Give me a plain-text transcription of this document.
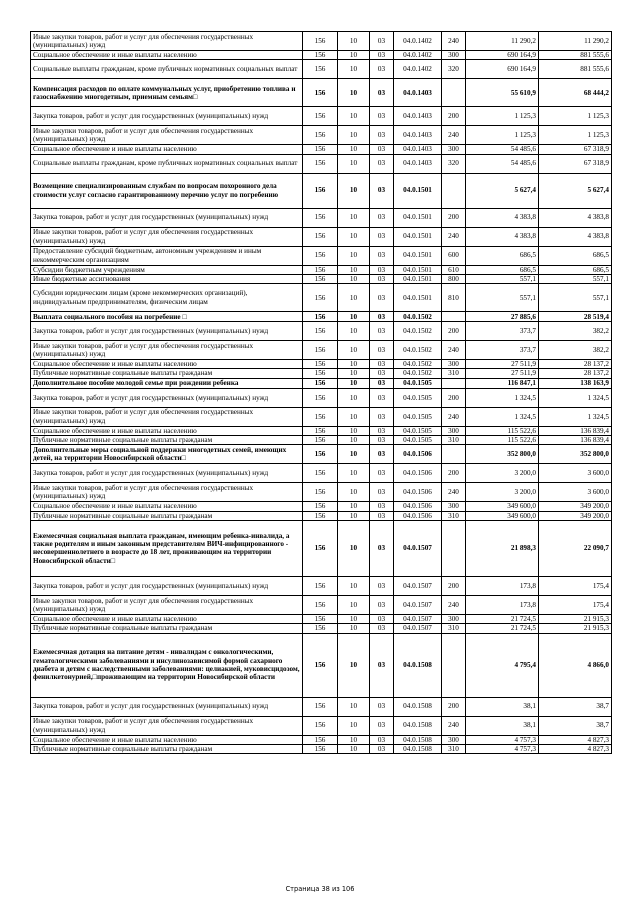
Иные закупки товаров, работ и услуг для обеспечения государственных (муниципальных) нужд	156	10	03	04.0.1402	240	11 290,2	11 290,2
Социальное обеспечение и иные выплаты населению	156	10	03	04.0.1402	300	690 164,9	881 555,6
Социальные выплаты гражданам, кроме публичных нормативных социальных выплат	156	10	03	04.0.1402	320	690 164,9	881 555,6
Компенсация расходов по оплате коммунальных услуг, приобретению топлива и газоснабжению многодетным, приемным семьям□	156	10	03	04.0.1403		55 610,9	68 444,2
Закупка товаров, работ и услуг для государственных (муниципальных) нужд	156	10	03	04.0.1403	200	1 125,3	1 125,3
Иные закупки товаров, работ и услуг для обеспечения государственных (муниципальных) нужд	156	10	03	04.0.1403	240	1 125,3	1 125,3
Социальное обеспечение и иные выплаты населению	156	10	03	04.0.1403	300	54 485,6	67 318,9
Социальные выплаты гражданам, кроме публичных нормативных социальных выплат	156	10	03	04.0.1403	320	54 485,6	67 318,9
Возмещение специализированным службам по вопросам похоронного дела стоимости услуг согласно гарантированному перечню услуг по погребению	156	10	03	04.0.1501		5 627,4	5 627,4
Закупка товаров, работ и услуг для государственных (муниципальных) нужд	156	10	03	04.0.1501	200	4 383,8	4 383,8
Иные закупки товаров, работ и услуг для обеспечения государственных (муниципальных) нужд	156	10	03	04.0.1501	240	4 383,8	4 383,8
Предоставление субсидий бюджетным, автономным учреждениям и иным некоммерческим организациям	156	10	03	04.0.1501	600	686,5	686,5
Субсидии бюджетным учреждениям	156	10	03	04.0.1501	610	686,5	686,5
Иные бюджетные ассигнования	156	10	03	04.0.1501	800	557,1	557,1
Субсидии юридическим лицам (кроме некоммерческих организаций), индивидуальным предпринимателям, физическим лицам	156	10	03	04.0.1501	810	557,1	557,1
Выплата социального пособия на погребение □	156	10	03	04.0.1502		27 885,6	28 519,4
Закупка товаров, работ и услуг для государственных (муниципальных) нужд	156	10	03	04.0.1502	200	373,7	382,2
Иные закупки товаров, работ и услуг для обеспечения государственных (муниципальных) нужд	156	10	03	04.0.1502	240	373,7	382,2
Социальное обеспечение и иные выплаты населению	156	10	03	04.0.1502	300	27 511,9	28 137,2
Публичные нормативные социальные выплаты гражданам	156	10	03	04.0.1502	310	27 511,9	28 137,2
Дополнительное пособие молодой семье при рождении ребенка	156	10	03	04.0.1505		116 847,1	138 163,9
Закупка товаров, работ и услуг для государственных (муниципальных) нужд	156	10	03	04.0.1505	200	1 324,5	1 324,5
Иные закупки товаров, работ и услуг для обеспечения государственных (муниципальных) нужд	156	10	03	04.0.1505	240	1 324,5	1 324,5
Социальное обеспечение и иные выплаты населению	156	10	03	04.0.1505	300	115 522,6	136 839,4
Публичные нормативные социальные выплаты гражданам	156	10	03	04.0.1505	310	115 522,6	136 839,4
Дополнительные меры социальной поддержки многодетных семей, имеющих детей, на территории Новосибирской области□	156	10	03	04.0.1506		352 800,0	352 800,0
Закупка товаров, работ и услуг для государственных (муниципальных) нужд	156	10	03	04.0.1506	200	3 200,0	3 600,0
Иные закупки товаров, работ и услуг для обеспечения государственных (муниципальных) нужд	156	10	03	04.0.1506	240	3 200,0	3 600,0
Социальное обеспечение и иные выплаты населению	156	10	03	04.0.1506	300	349 600,0	349 200,0
Публичные нормативные социальные выплаты гражданам	156	10	03	04.0.1506	310	349 600,0	349 200,0
Ежемесячная социальная выплата гражданам, имеющим ребенка-инвалида, а также родителям и иным законным представителям ВИЧ-инфицированного - несовершеннолетнего в возрасте до 18 лет, проживающим на территории Новосибирской области□	156	10	03	04.0.1507		21 898,3	22 090,7
Закупка товаров, работ и услуг для государственных (муниципальных) нужд	156	10	03	04.0.1507	200	173,8	175,4
Иные закупки товаров, работ и услуг для обеспечения государственных (муниципальных) нужд	156	10	03	04.0.1507	240	173,8	175,4
Социальное обеспечение и иные выплаты населению	156	10	03	04.0.1507	300	21 724,5	21 915,3
Публичные нормативные социальные выплаты гражданам	156	10	03	04.0.1507	310	21 724,5	21 915,3
Ежемесячная дотация на питание детям - инвалидам с онкологическими, гематологическими заболеваниями и инсулинозависимой формой сахарного диабета и детям с наследственными заболеваниями: целиакией, муковисцидозом, фенилкетонурией,□проживающим на территории Новосибирской области	156	10	03	04.0.1508		4 795,4	4 866,0
Закупка товаров, работ и услуг для государственных (муниципальных) нужд	156	10	03	04.0.1508	200	38,1	38,7
Иные закупки товаров, работ и услуг для обеспечения государственных (муниципальных) нужд	156	10	03	04.0.1508	240	38,1	38,7
Социальное обеспечение и иные выплаты населению	156	10	03	04.0.1508	300	4 757,3	4 827,3
Публичные нормативные социальные выплаты гражданам	156	10	03	04.0.1508	310	4 757,3	4 827,3
Страница 38 из 106
